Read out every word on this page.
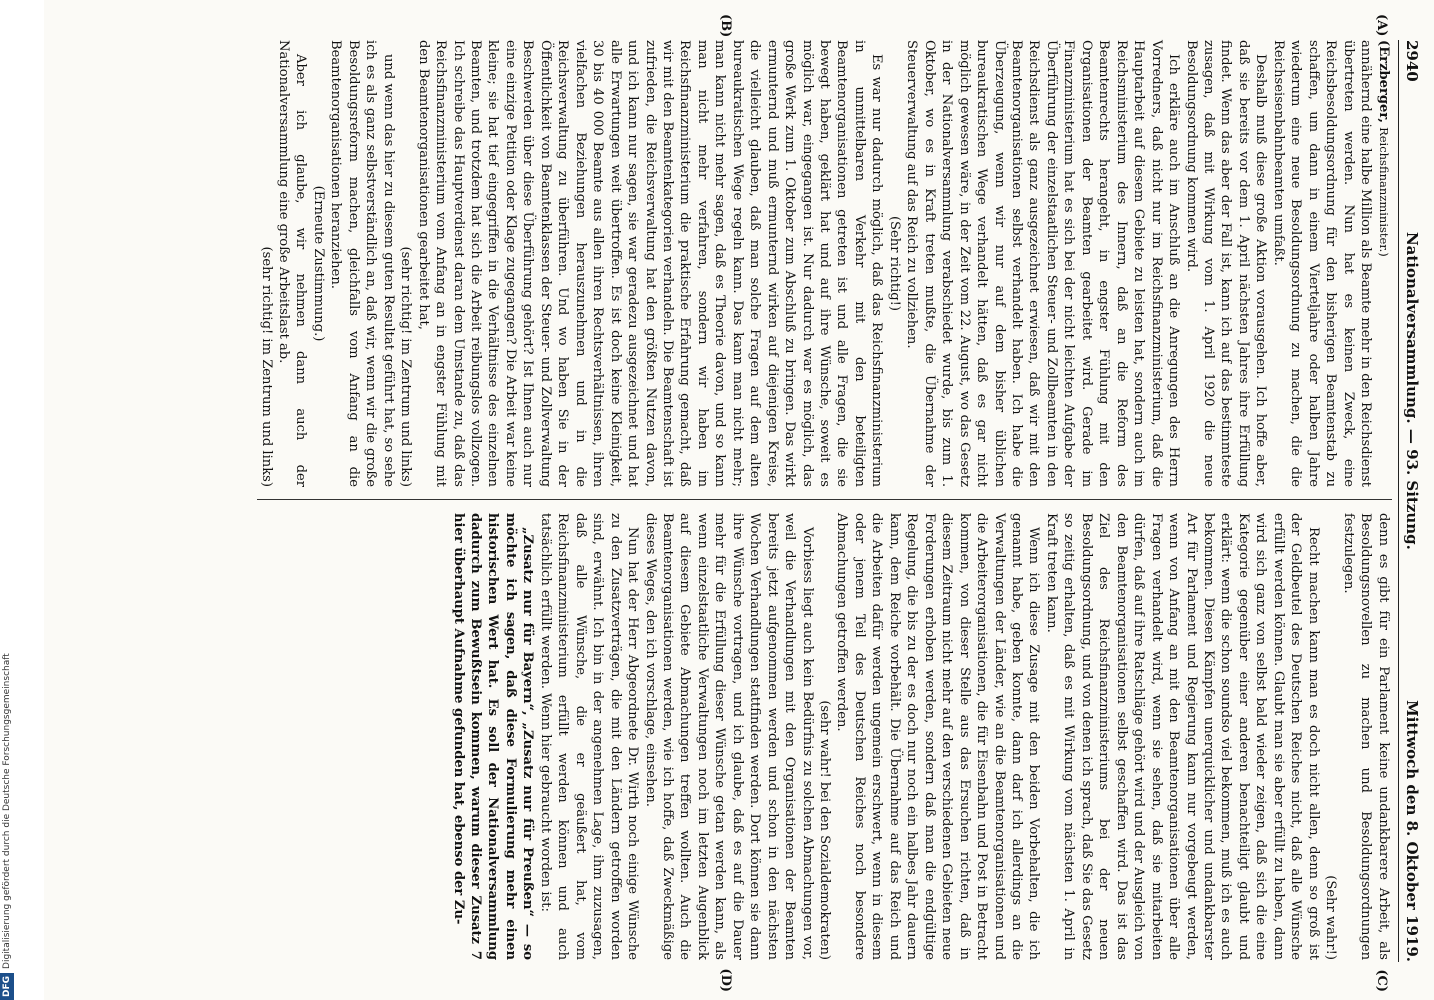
2940
Nationalversammlung. — 93. Sitzung.
Mittwoch den 8. Oktober 1919.

(Erzberger, Reichsfinanzminister.)

annähernd eine halbe Million als Beamte mehr in den Reichsdienst übertreten werden. Nun hat es keinen Zweck, eine Reichsbesoldungsordnung für den bisherigen Beamtenstab zu schaffen, um dann in einem Vierteljahre oder halben Jahre wiederum eine neue Besoldungsordnung zu machen, die die Reichseisenbahnbeamten umfaßt.

Deshalb muß diese große Aktion vorausgehen. Ich hoffe aber, daß sie bereits vor dem 1. April nächsten Jahres ihre Erfüllung findet. Wenn das aber der Fall ist, kann ich auf das bestimmteste zusagen, daß mit Wirkung vom 1. April 1920 die neue Besoldungsordnung kommen wird.

Ich erkläre auch im Anschluß an die Anregungen des Herrn Vorredners, daß nicht nur im Reichsfinanzministerium, daß die Hauptarbeit auf diesem Gebiete zu leisten hat, sondern auch im Reichsministerium des Innern, daß an die Reform des Beamtenrechts herangeht, in engster Fühlung mit den Organisationen der Beamten gearbeitet wird. Gerade im Finanzministerium hat es sich bei der nicht leichten Aufgabe der Überführung der einzelstaatlichen Steuer- und Zollbeamten in den Reichsdienst als ganz ausgezeichnet erwiesen, daß wir mit den Beamtenorganisationen selbst verhandelt haben. Ich habe die Überzeugung, wenn wir nur auf dem bisher üblichen bureaukratischen Wege verhandelt hätten, daß es gar nicht möglich gewesen wäre, in der Zeit vom 22. August, wo das Gesetz in der Nationalversammlung verabschiedet wurde, bis zum 1. Oktober, wo es in Kraft treten mußte, die Übernahme der Steuerverwaltung auf das Reich zu vollziehen.

(Sehr richtig!)

Es war nur dadurch möglich, daß das Reichsfinanzministerium in unmittelbaren Verkehr mit den beteiligten Beamtenorganisationen getreten ist und alle Fragen, die sie bewegt haben, geklärt hat und auf ihre Wünsche, soweit es möglich war, eingegangen ist. Nur dadurch war es möglich, das große Werk zum 1. Oktober zum Abschluß zu bringen. Das wirkt ermunternd und muß ermunternd wirken auf diejenigen Kreise, die vielleicht glauben, daß man solche Fragen auf dem alten bureaukratischen Wege regeln kann. Das kann man nicht mehr; man kann nicht mehr sagen, daß es Theorie davon, und so kann man nicht mehr verfahren, sondern wir haben im Reichsfinanzministerium die praktische Erfahrung gemacht, daß wir mit den Beamtenkategorien verhandeln. Die Beamtenschaft ist zufrieden, die Reichsverwaltung hat den größten Nutzen davon, und ich kann nur sagen, sie war geradezu ausgezeichnet und hat alle Erwartungen weit übertroffen. Es ist doch keine Kleinigkeit, 30 bis 40 000 Beamte aus allen ihren Rechtsverhältnissen, ihren vielfachen Beziehungen herauszunehmen und in die Reichsverwaltung zu überführen. Und wo haben Sie in der Öffentlichkeit von Beamtenklassen der Steuer- und Zollverwaltung Beschwerden über diese Überführung gehört? Ist Ihnen auch nur eine einzige Petition oder Klage zugegangen? Die Arbeit war keine kleine; sie hat tief eingegriffen in die Verhältnisse des einzelnen Beamten, und trotzdem hat sich die Arbeit reibungslos vollzogen. Ich schreibe das Hauptverdienst daran dem Umstande zu, daß das Reichsfinanzministerium vom Anfang an in engster Fühlung mit den Beamtenorganisationen gearbeitet hat,

(sehr richtig! im Zentrum und links)

und wenn das hier zu diesem guten Resultat geführt hat, so sehe ich es als ganz selbstverständlich an, daß wir, wenn wir die große Besoldungsreform machen, gleichfalls vom Anfang an die Beamtenorganisationen heranziehen.

(Erneute Zustimmung.)

Aber ich glaube, wir nehmen dann auch der Nationalversammlung eine große Arbeitslast ab.

(sehr richtig! im Zentrum und links)

denn es gibt für ein Parlament keine undankbarere Arbeit, als Besoldungsnovellen zu machen und Besoldungsordnungen festzulegen.

(Sehr wahr!)

Recht machen kann man es doch nicht allen, denn so groß ist der Geldbeutel des Deutschen Reiches nicht, daß alle Wünsche erfüllt werden können. Glaubt man sie aber erfüllt zu haben, dann wird sich ganz von selbst bald wieder zeigen, daß sich die eine Kategorie gegenüber einer anderen benachteiligt glaubt und erklärt: wenn die schon soundso viel bekommen, muß ich es auch bekommen. Diesen Kämpfen unerquicklicher und undankbarster Art für Parlament und Regierung kann nur vorgebeugt werden, wenn von Anfang an mit den Beamtenorganisationen über alle Fragen verhandelt wird, wenn sie sehen, daß sie mitarbeiten dürfen, daß auf ihre Ratschläge gehört wird und der Ausgleich von den Beamtenorganisationen selbst geschaffen wird. Das ist das Ziel des Reichsfinanzministeriums bei der neuen Besoldungsordnung, und von denen ich sprach, daß Sie das Gesetz so zeitig erhalten, daß es mit Wirkung vom nächsten 1. April in Kraft treten kann.

Wenn ich diese Zusage mit den beiden Vorbehalten, die ich genannt habe, geben konnte, dann darf ich allerdings an die Verwaltungen der Länder, wie an die Beamtenorganisationen und die Arbeiterorganisationen, die für Eisenbahn und Post in Betracht kommen, von dieser Stelle aus das Ersuchen richten, daß in diesem Zeitraum nicht mehr auf den verschiedenen Gebieten neue Forderungen erhoben werden, sondern daß man die endgültige Regelung, die bis zu der es doch nur noch ein halbes Jahr dauern kann, dem Reiche vorbehält. Die Übernahme auf das Reich und die Arbeiten dafür werden ungemein erschwert, wenn in diesem oder jenem Teil des Deutschen Reiches noch besondere Abmachungen getroffen werden.

(sehr wahr! bei den Sozialdemokraten)

Vorbiess liegt auch kein Bedürfnis zu solchen Abmachungen vor, weil die Verhandlungen mit den Organisationen der Beamten bereits jetzt aufgenommen werden und schon in den nächsten Wochen Verhandlungen stattfinden werden. Dort können sie dann ihre Wünsche vortragen, und ich glaube, daß es auf die Dauer mehr für die Erfüllung dieser Wünsche getan werden kann, als wenn einzelstaatliche Verwaltungen noch im letzten Augenblick auf diesem Gebiete Abmachungen treffen wollten. Auch die Beamtenorganisationen werden, wie ich hoffe, daß Zweckmäßige dieses Weges, den ich vorschlage, einsehen.

Nun hat der Herr Abgeordnete Dr. Wirth noch einige Wünsche zu den Zusatzverträgen, die mit den Ländern getroffen worden sind, erwähnt. Ich bin in der angenehmen Lage, ihm zuzusagen, daß alle Wünsche, die er geäußert hat, vom Reichsfinanzministerium erfüllt werden können und auch tatsächlich erfüllt werden. Wenn hier gebraucht worden ist:

„Zusatz nur für Bayern“, „Zusatz nur für Preußen“ — so möchte ich sagen, daß diese Formulierung mehr einen historischen Wert hat. Es soll der Nationalversammlung dadurch zum Bewußtsein kommen, warum dieser Zusatz 7 hier überhaupt Aufnahme gefunden hat, ebenso der Zu-

(A)
(B)
(C)
(D)
DFGDigitalisierung gefördert durch die Deutsche Forschungsgemeinschaft
